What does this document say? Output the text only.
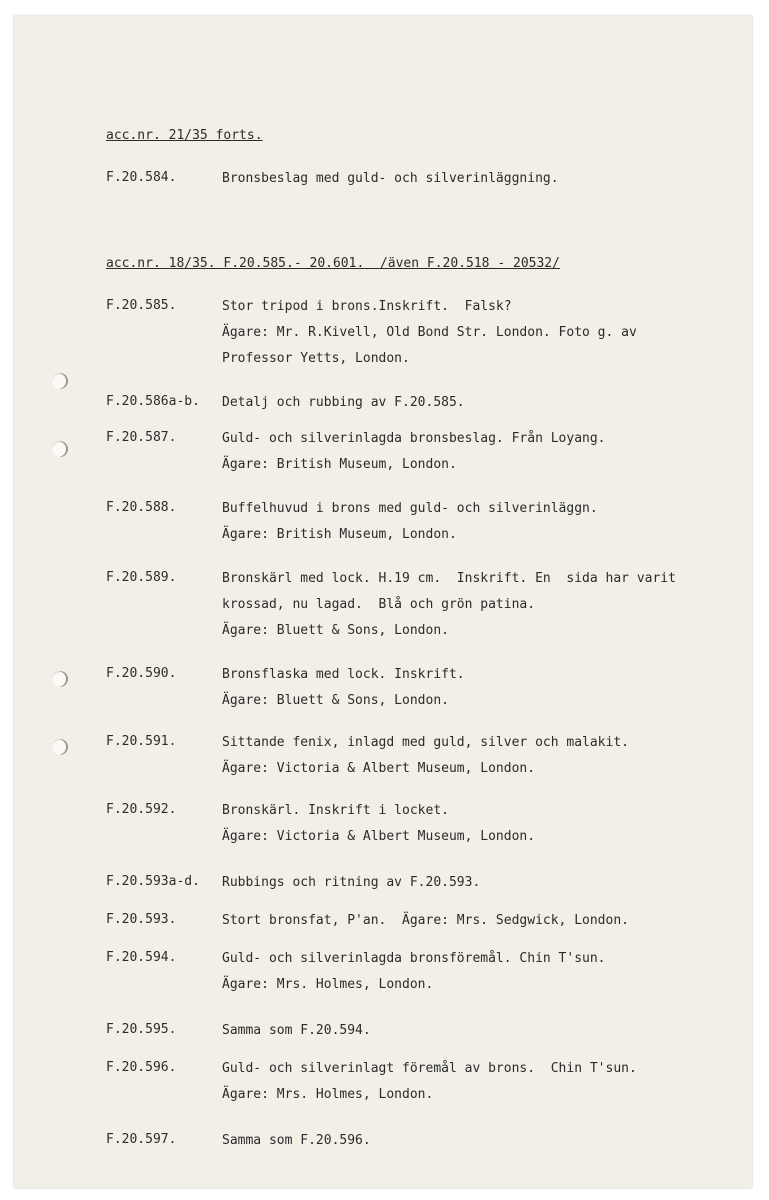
acc.nr. 21/35 forts.
F.20.584.	Bronsbeslag med guld- och silverinläggning.
acc.nr. 18/35. F.20.585.- 20.601. /även F.20.518 - 20532/
F.20.585.	Stor tripod i brons.Inskrift.  Falsk?
Ägare: Mr. R.Kivell, Old Bond Str. London. Foto g. av
Professor Yetts, London.
F.20.586a-b.	Detalj och rubbing av F.20.585.
F.20.587.	Guld- och silverinlagda bronsbeslag. Från Loyang.
Ägare: British Museum, London.
F.20.588.	Buffelhuvud i brons med guld- och silverinläggn.
Ägare: British Museum, London.
F.20.589.	Bronskärl med lock. H.19 cm.  Inskrift. En  sida har varit
krossad, nu lagad.  Blå och grön patina.
Ägare: Bluett & Sons, London.
F.20.590.	Bronsflaska med lock. Inskrift.
Ägare: Bluett & Sons, London.
F.20.591.	Sittande fenix, inlagd med guld, silver och malakit.
Ägare: Victoria & Albert Museum, London.
F.20.592.	Bronskärl. Inskrift i locket.
Ägare: Victoria & Albert Museum, London.
F.20.593a-d.	Rubbings och ritning av F.20.593.
F.20.593.	Stort bronsfat, P'an.  Ägare: Mrs. Sedgwick, London.
F.20.594.	Guld- och silverinlagda bronsföremål. Chin T'sun.
Ägare: Mrs. Holmes, London.
F.20.595.	Samma som F.20.594.
F.20.596.	Guld- och silverinlagt föremål av brons.  Chin T'sun.
Ägare: Mrs. Holmes, London.
F.20.597.	Samma som F.20.596.
